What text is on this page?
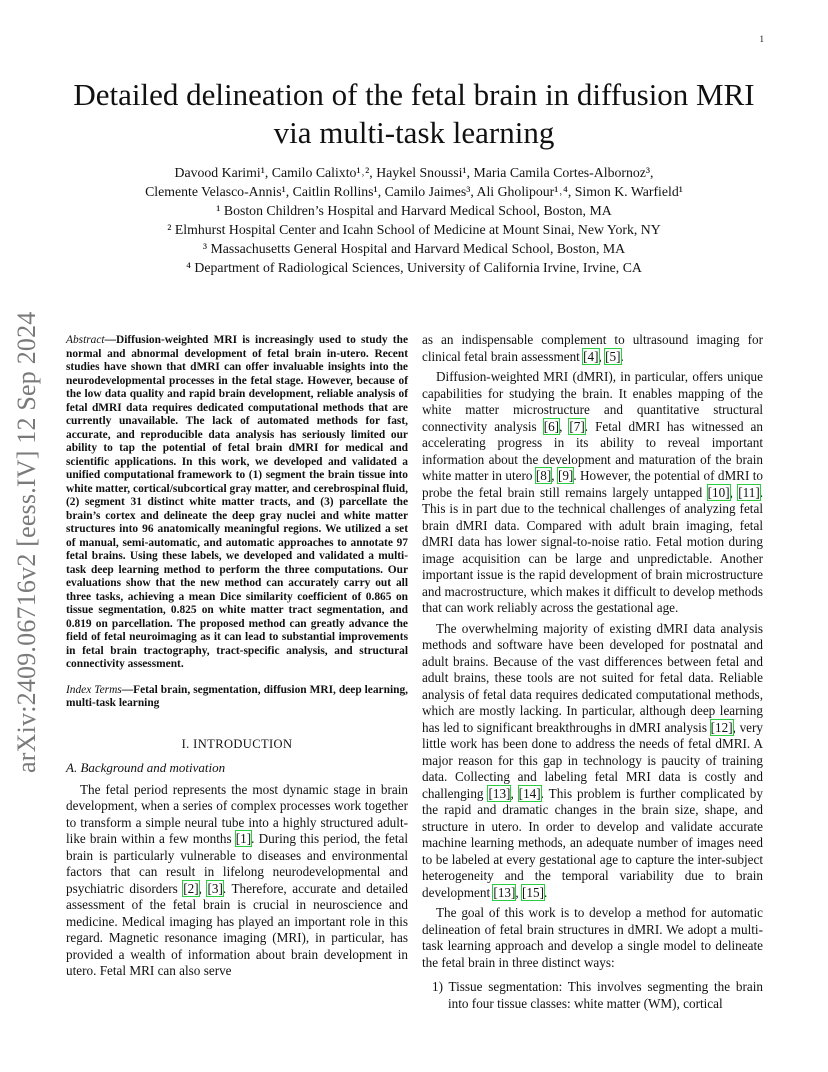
1
arXiv:2409.06716v2 [eess.IV] 12 Sep 2024
Detailed delineation of the fetal brain in diffusion MRI via multi-task learning
Davood Karimi¹, Camilo Calixto¹˒², Haykel Snoussi¹, Maria Camila Cortes-Albornoz³,
Clemente Velasco-Annis¹, Caitlin Rollins¹, Camilo Jaimes³, Ali Gholipour¹˒⁴, Simon K. Warfield¹
¹ Boston Children’s Hospital and Harvard Medical School, Boston, MA
² Elmhurst Hospital Center and Icahn School of Medicine at Mount Sinai, New York, NY
³ Massachusetts General Hospital and Harvard Medical School, Boston, MA
⁴ Department of Radiological Sciences, University of California Irvine, Irvine, CA

Abstract—Diffusion-weighted MRI is increasingly used to study the normal and abnormal development of fetal brain in-utero. Recent studies have shown that dMRI can offer invaluable insights into the neurodevelopmental processes in the fetal stage. However, because of the low data quality and rapid brain development, reliable analysis of fetal dMRI data requires dedicated computational methods that are currently unavailable. The lack of automated methods for fast, accurate, and reproducible data analysis has seriously limited our ability to tap the potential of fetal brain dMRI for medical and scientific applications. In this work, we developed and validated a unified computational framework to (1) segment the brain tissue into white matter, cortical/subcortical gray matter, and cerebrospinal fluid, (2) segment 31 distinct white matter tracts, and (3) parcellate the brain’s cortex and delineate the deep gray nuclei and white matter structures into 96 anatomically meaningful regions. We utilized a set of manual, semi-automatic, and automatic approaches to annotate 97 fetal brains. Using these labels, we developed and validated a multi-task deep learning method to perform the three computations. Our evaluations show that the new method can accurately carry out all three tasks, achieving a mean Dice similarity coefficient of 0.865 on tissue segmentation, 0.825 on white matter tract segmentation, and 0.819 on parcellation. The proposed method can greatly advance the field of fetal neuroimaging as it can lead to substantial improvements in fetal brain tractography, tract-specific analysis, and structural connectivity assessment.

Index Terms—Fetal brain, segmentation, diffusion MRI, deep learning, multi-task learning

I. INTRODUCTION
A. Background and motivation

The fetal period represents the most dynamic stage in brain development, when a series of complex processes work together to transform a simple neural tube into a highly structured adult-like brain within a few months [1]. During this period, the fetal brain is particularly vulnerable to diseases and environmental factors that can result in lifelong neurodevelopmental and psychiatric disorders [2], [3]. Therefore, accurate and detailed assessment of the fetal brain is crucial in neuroscience and medicine. Medical imaging has played an important role in this regard. Magnetic resonance imaging (MRI), in particular, has provided a wealth of information about brain development in utero. Fetal MRI can also serve

as an indispensable complement to ultrasound imaging for clinical fetal brain assessment [4], [5].

Diffusion-weighted MRI (dMRI), in particular, offers unique capabilities for studying the brain. It enables mapping of the white matter microstructure and quantitative structural connectivity analysis [6], [7]. Fetal dMRI has witnessed an accelerating progress in its ability to reveal important information about the development and maturation of the brain white matter in utero [8], [9]. However, the potential of dMRI to probe the fetal brain still remains largely untapped [10], [11]. This is in part due to the technical challenges of analyzing fetal brain dMRI data. Compared with adult brain imaging, fetal dMRI data has lower signal-to-noise ratio. Fetal motion during image acquisition can be large and unpredictable. Another important issue is the rapid development of brain microstructure and macrostructure, which makes it difficult to develop methods that can work reliably across the gestational age.

The overwhelming majority of existing dMRI data analysis methods and software have been developed for postnatal and adult brains. Because of the vast differences between fetal and adult brains, these tools are not suited for fetal data. Reliable analysis of fetal data requires dedicated computational methods, which are mostly lacking. In particular, although deep learning has led to significant breakthroughs in dMRI analysis [12], very little work has been done to address the needs of fetal dMRI. A major reason for this gap in technology is paucity of training data. Collecting and labeling fetal MRI data is costly and challenging [13], [14]. This problem is further complicated by the rapid and dramatic changes in the brain size, shape, and structure in utero. In order to develop and validate accurate machine learning methods, an adequate number of images need to be labeled at every gestational age to capture the inter-subject heterogeneity and the temporal variability due to brain development [13], [15].

The goal of this work is to develop a method for automatic delineation of fetal brain structures in dMRI. We adopt a multi-task learning approach and develop a single model to delineate the fetal brain in three distinct ways:

1) Tissue segmentation: This involves segmenting the brain into four tissue classes: white matter (WM), cortical
